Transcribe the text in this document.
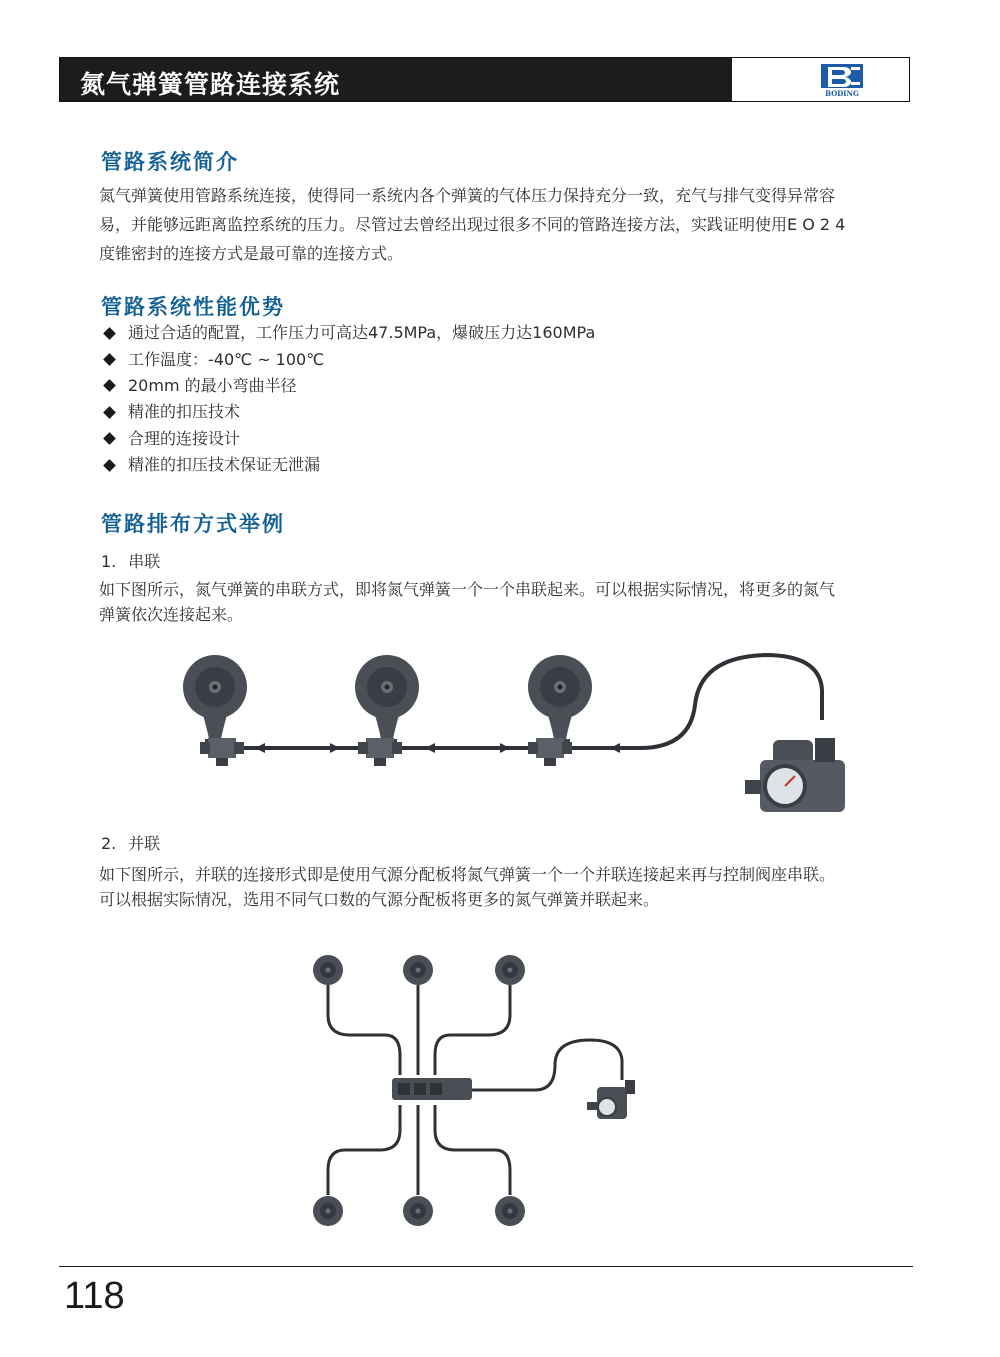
氮气弹簧管路连接系统	BODING
管路系统简介
氮气弹簧使用管路系统连接，使得同一系统内各个弹簧的气体压力保持充分一致，充气与排气变得异常容
易，并能够远距离监控系统的压力。尽管过去曾经出现过很多不同的管路连接方法，实践证明使用E O 2 4
度锥密封的连接方式是最可靠的连接方式。
管路系统性能优势
通过合适的配置，工作压力可高达47.5MPa，爆破压力达160MPa
工作温度：-40℃ ~ 100℃
20mm 的最小弯曲半径
精准的扣压技术
合理的连接设计
精准的扣压技术保证无泄漏
管路排布方式举例
1. 串联
如下图所示，氮气弹簧的串联方式，即将氮气弹簧一个一个串联起来。可以根据实际情况，将更多的氮气
弹簧依次连接起来。
2. 并联
如下图所示，并联的连接形式即是使用气源分配板将氮气弹簧一个一个并联连接起来再与控制阀座串联。
可以根据实际情况，选用不同气口数的气源分配板将更多的氮气弹簧并联起来。
118
